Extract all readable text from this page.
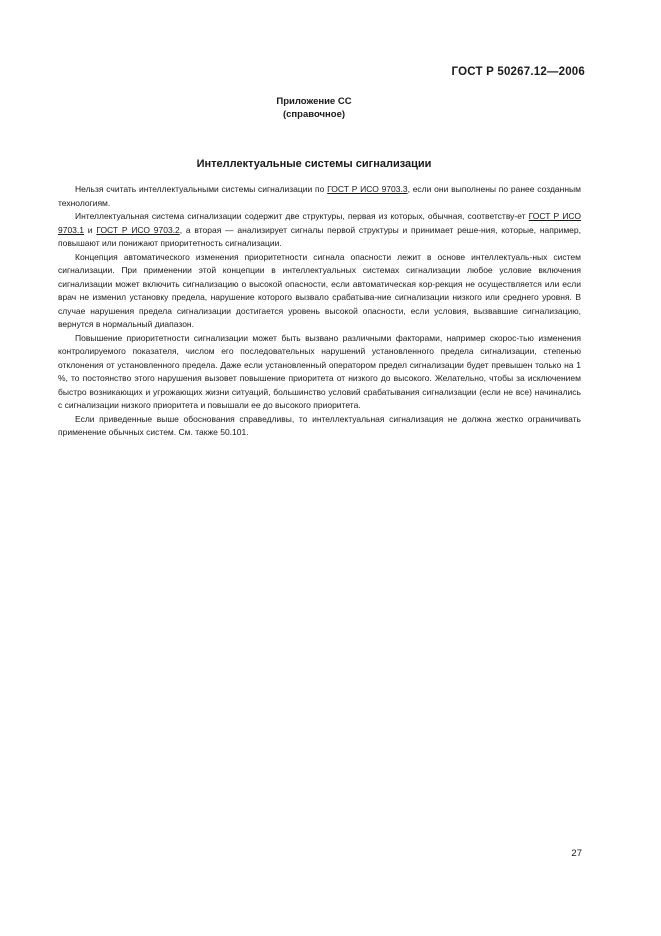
ГОСТ Р 50267.12—2006
Приложение СС
(справочное)
Интеллектуальные системы сигнализации

Нельзя считать интеллектуальными системы сигнализации по ГОСТ Р ИСО 9703.3, если они выполнены по ранее созданным технологиям.

Интеллектуальная система сигнализации содержит две структуры, первая из которых, обычная, соответству-ет ГОСТ Р ИСО 9703.1 и ГОСТ Р ИСО 9703.2, а вторая — анализирует сигналы первой структуры и принимает реше-ния, которые, например, повышают или понижают приоритетность сигнализации.

Концепция автоматического изменения приоритетности сигнала опасности лежит в основе интеллектуаль-ных систем сигнализации. При применении этой концепции в интеллектуальных системах сигнализации любое условие включения сигнализации может включить сигнализацию о высокой опасности, если автоматическая кор-рекция не осуществляется или если врач не изменил установку предела, нарушение которого вызвало срабатыва-ние сигнализации низкого или среднего уровня. В случае нарушения предела сигнализации достигается уровень высокой опасности, если условия, вызвавшие сигнализацию, вернутся в нормальный диапазон.

Повышение приоритетности сигнализации может быть вызвано различными факторами, например скорос-тью изменения контролируемого показателя, числом его последовательных нарушений установленного предела сигнализации, степенью отклонения от установленного предела. Даже если установленный оператором предел сигнализации будет превышен только на 1 %, то постоянство этого нарушения вызовет повышение приоритета от низкого до высокого. Желательно, чтобы за исключением быстро возникающих и угрожающих жизни ситуаций, большинство условий срабатывания сигнализации (если не все) начинались с сигнализации низкого приоритета и повышали ее до высокого приоритета.

Если приведенные выше обоснования справедливы, то интеллектуальная сигнализация не должна жестко ограничивать применение обычных систем. См. также 50.101.

27
